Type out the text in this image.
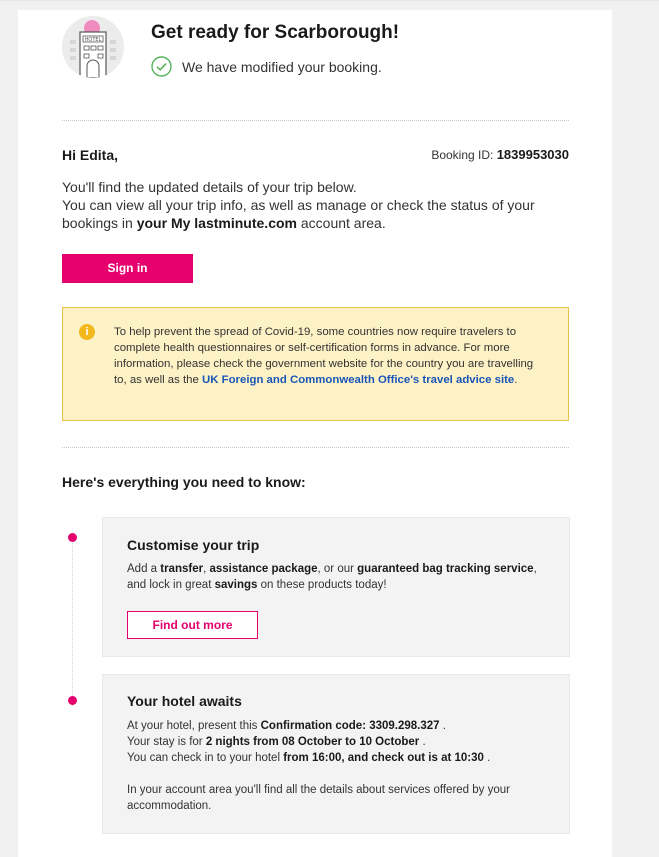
HOTEL	Get ready for Scarborough!
We have modified your booking.
Hi Edita,	Booking ID: 1839953030

You'll find the updated details of your trip below.

You can view all your trip info, as well as manage or check the status of your bookings in your My lastminute.com account area.

Sign in
i	To help prevent the spread of Covid-19, some countries now require travelers to complete health questionnaires or self-certification forms in advance. For more information, please check the government website for the country you are travelling to, as well as the UK Foreign and Commonwealth Office's travel advice site.
Here's everything you need to know:
Customise your trip
Add a transfer, assistance package, or our guaranteed bag tracking service, and lock in great savings on these products today!
Find out more
Your hotel awaits
At your hotel, present this Confirmation code: 3309.298.327 .
Your stay is for 2 nights from 08 October to 10 October .
You can check in to your hotel from 16:00, and check out is at 10:30 .
In your account area you'll find all the details about services offered by your accommodation.
